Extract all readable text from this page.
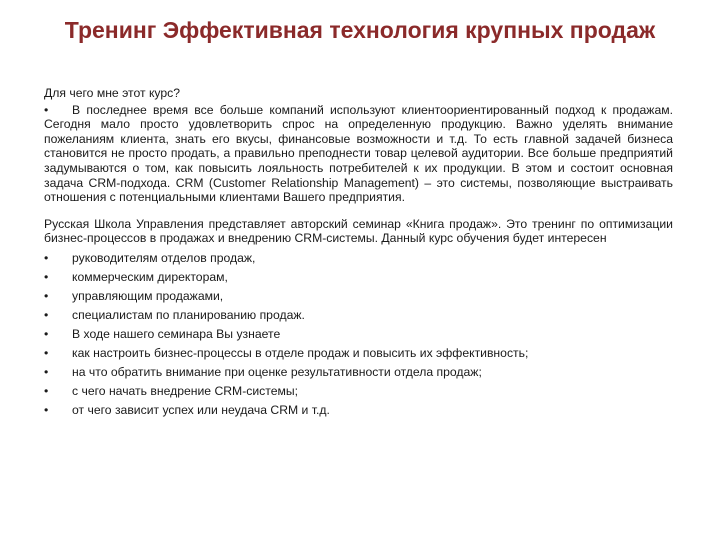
Тренинг Эффективная технология крупных продаж

Для чего мне этот курс?

• В последнее время все больше компаний используют клиентоориентированный подход к продажам. Сегодня мало просто удовлетворить спрос на определенную продукцию. Важно уделять внимание пожеланиям клиента, знать его вкусы, финансовые возможности и т.д. То есть главной задачей бизнеса становится не просто продать, а правильно преподнести товар целевой аудитории. Все больше предприятий задумываются о том, как повысить лояльность потребителей к их продукции. В этом и состоит основная задача CRM-подхода. CRM (Customer Relationship Management) – это системы, позволяющие выстраивать отношения с потенциальными клиентами Вашего предприятия.

Русская Школа Управления представляет авторский семинар «Книга продаж». Это тренинг по оптимизации бизнес-процессов в продажах и внедрению CRM-системы. Данный курс обучения будет интересен

• руководителям отделов продаж,
• коммерческим директорам,
• управляющим продажами,
• специалистам по планированию продаж.
• В ходе нашего семинара Вы узнаете
• как настроить бизнес-процессы в отделе продаж и повысить их эффективность;
• на что обратить внимание при оценке результативности отдела продаж;
• с чего начать внедрение CRM-системы;
• от чего зависит успех или неудача CRM и т.д.
